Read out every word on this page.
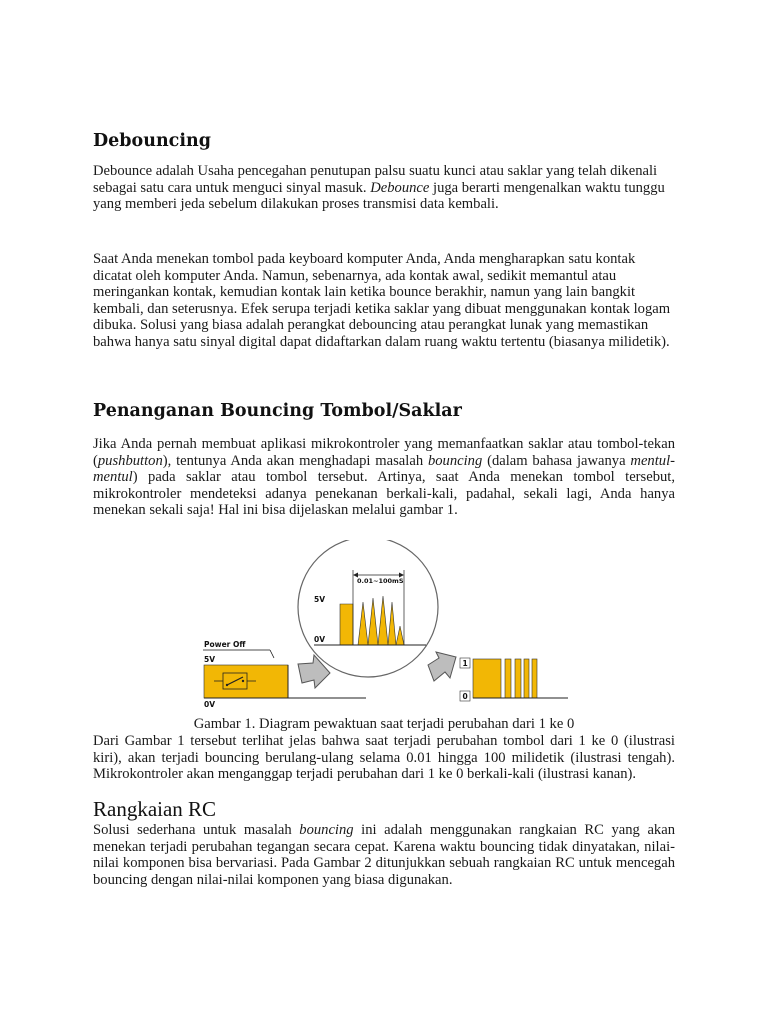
Debouncing

Debounce adalah Usaha pencegahan penutupan palsu suatu kunci atau saklar yang telah dikenali sebagai satu cara untuk menguci sinyal masuk. Debounce juga berarti mengenalkan waktu tunggu yang memberi jeda sebelum dilakukan proses transmisi data kembali.

Saat Anda menekan tombol pada keyboard komputer Anda, Anda mengharapkan satu kontak dicatat oleh komputer Anda. Namun, sebenarnya, ada kontak awal, sedikit memantul atau meringankan kontak, kemudian kontak lain ketika bounce berakhir, namun yang lain bangkit kembali, dan seterusnya. Efek serupa terjadi ketika saklar yang dibuat menggunakan kontak logam dibuka. Solusi yang biasa adalah perangkat debouncing atau perangkat lunak yang memastikan bahwa hanya satu sinyal digital dapat didaftarkan dalam ruang waktu tertentu (biasanya milidetik).

Penanganan Bouncing Tombol/Saklar

Jika Anda pernah membuat aplikasi mikrokontroler yang memanfaatkan saklar atau tombol-tekan (pushbutton), tentunya Anda akan menghadapi masalah bouncing (dalam bahasa jawanya mentul-mentul) pada saklar atau tombol tersebut. Artinya, saat Anda menekan tombol tersebut, mikrokontroler mendeteksi adanya penekanan berkali-kali, padahal, sekali lagi, Anda hanya menekan sekali saja! Hal ini bisa dijelaskan melalui gambar 1.

Power Off
5V
0V
5V
0V
0.01~100mS
1
0

Gambar 1. Diagram pewaktuan saat terjadi perubahan dari 1 ke 0

Dari Gambar 1 tersebut terlihat jelas bahwa saat terjadi perubahan tombol dari 1 ke 0 (ilustrasi kiri), akan terjadi bouncing berulang-ulang selama 0.01 hingga 100 milidetik (ilustrasi tengah). Mikrokontroler akan menganggap terjadi perubahan dari 1 ke 0 berkali-kali (ilustrasi kanan).

Rangkaian RC

Solusi sederhana untuk masalah bouncing ini adalah menggunakan rangkaian RC yang akan menekan terjadi perubahan tegangan secara cepat. Karena waktu bouncing tidak dinyatakan, nilai-nilai komponen bisa bervariasi. Pada Gambar 2 ditunjukkan sebuah rangkaian RC untuk mencegah bouncing dengan nilai-nilai komponen yang biasa digunakan.
